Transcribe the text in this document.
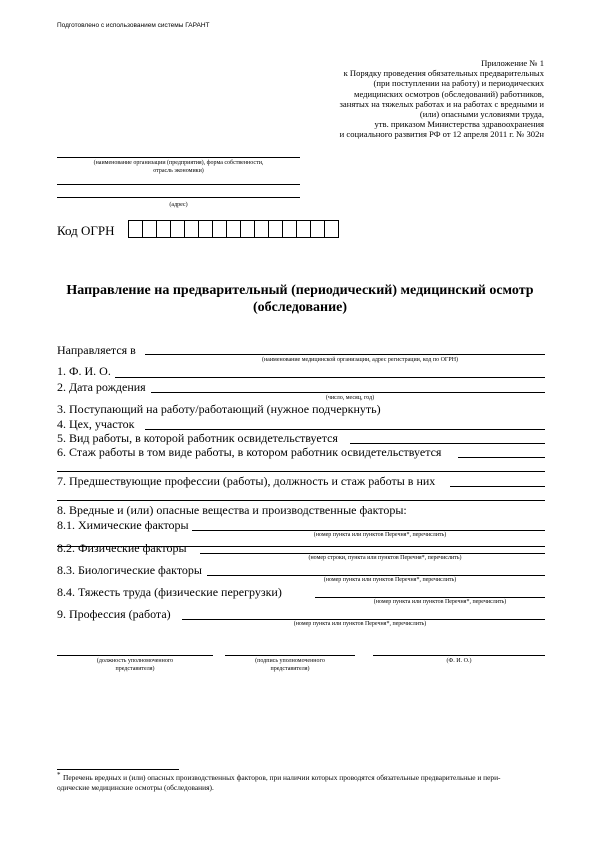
Подготовлено с использованием системы ГАРАНТ
Приложение № 1
к Порядку проведения обязательных предварительных
(при поступлении на работу) и периодических
медицинских осмотров (обследований) работников,
занятых на тяжелых работах и на работах с вредными и
(или) опасными условиями труда,
утв. приказом Министерства здравоохранения
и социального развития РФ от 12 апреля 2011 г. № 302н
(наименование организации (предприятия), форма собственности,
отрасль экономики)
(адрес)
Код ОГРН
Направление на предварительный (периодический) медицинский осмотр
(обследование)
Направляется в
(наименование медицинской организации, адрес регистрации, код по ОГРН)
1. Ф. И. О.
2. Дата рождения
(число, месяц, год)
3. Поступающий на работу/работающий (нужное подчеркнуть)
4. Цех, участок
5. Вид работы, в которой работник освидетельствуется
6. Стаж работы в том виде работы, в котором работник освидетельствуется
7. Предшествующие профессии (работы), должность и стаж работы в них
8. Вредные и (или) опасные вещества и производственные факторы:
8.1. Химические факторы
(номер пункта или пунктов Перечня*, перечислить)
8.2. Физические факторы
(номер строки, пункта или пунктов Перечня*, перечислить)
8.3. Биологические факторы
(номер пункта или пунктов Перечня*, перечислить)
8.4. Тяжесть труда (физические перегрузки)
(номер пункта или пунктов Перечня*, перечислить)
9. Профессия (работа)
(номер пункта или пунктов Перечня*, перечислить)
(должность уполномоченного
представителя)
(подпись уполномоченного
представителя)
(Ф. И. О.)
* Перечень вредных и (или) опасных производственных факторов, при наличии которых проводятся обязательные предварительные и пери-
одические медицинские осмотры (обследования).
